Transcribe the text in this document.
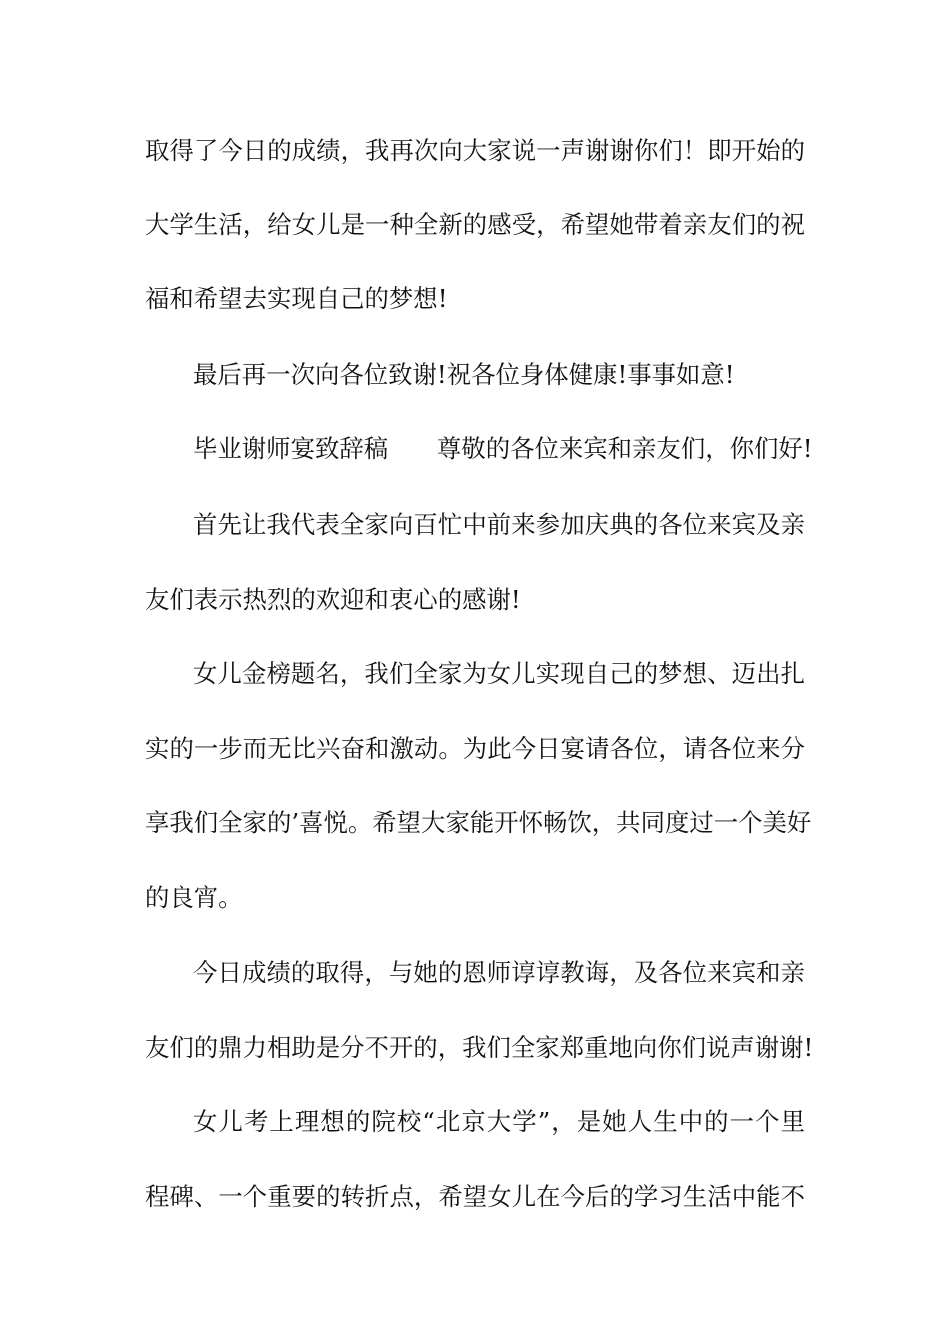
取得了今日的成绩，我再次向大家说一声谢谢你们！即开始的
大学生活，给女儿是一种全新的感受，希望她带着亲友们的祝
福和希望去实现自己的梦想!
最后再一次向各位致谢!祝各位身体健康!事事如意!
毕业谢师宴致辞稿　　尊敬的各位来宾和亲友们，你们好!
首先让我代表全家向百忙中前来参加庆典的各位来宾及亲
友们表示热烈的欢迎和衷心的感谢!
女儿金榜题名，我们全家为女儿实现自己的梦想、迈出扎
实的一步而无比兴奋和激动。为此今日宴请各位，请各位来分
享我们全家的’喜悦。希望大家能开怀畅饮，共同度过一个美好
的良宵。
今日成绩的取得，与她的恩师谆谆教诲，及各位来宾和亲
友们的鼎力相助是分不开的，我们全家郑重地向你们说声谢谢!
女儿考上理想的院校“北京大学”，是她人生中的一个里
程碑、一个重要的转折点，希望女儿在今后的学习生活中能不
